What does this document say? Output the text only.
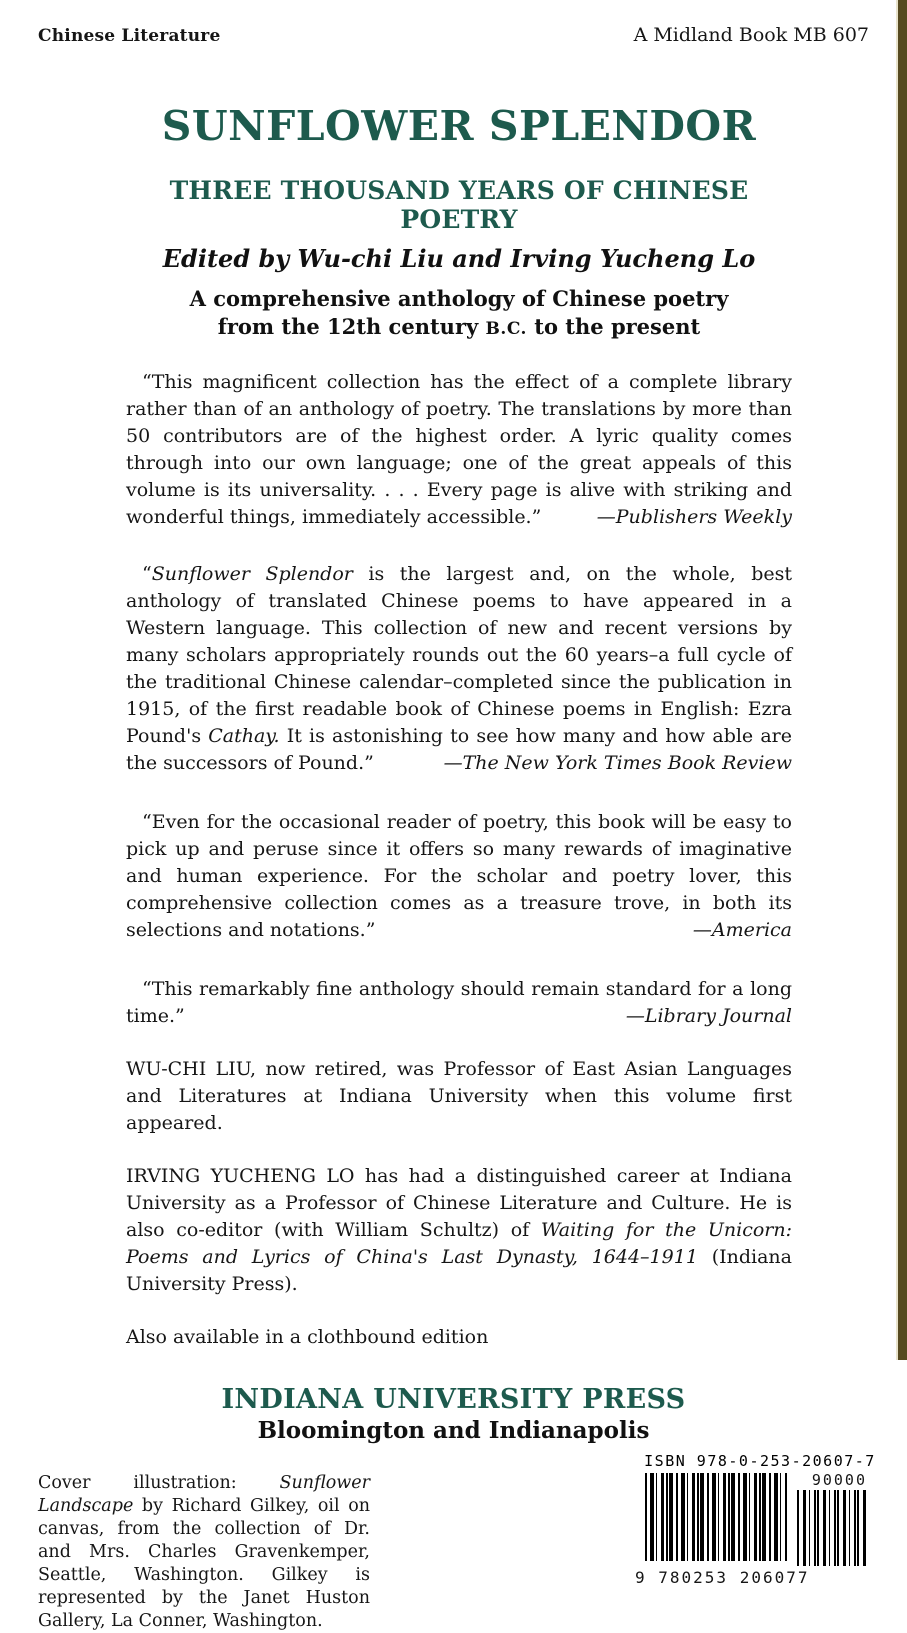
Chinese Literature	A Midland Book MB 607
SUNFLOWER SPLENDOR
THREE THOUSAND YEARS OF CHINESE POETRY
Edited by Wu-chi Liu and Irving Yucheng Lo
A comprehensive anthology of Chinese poetry
from the 12th century B.C. to the present

“This magnificent collection has the effect of a complete library rather than of an anthology of poetry. The translations by more than 50 contributors are of the highest order. A lyric quality comes through into our own language; one of the great appeals of this volume is its universality. . . . Every page is alive with striking and wonderful things, immediately accessible.”	—Publishers Weekly

“Sunflower Splendor is the largest and, on the whole, best anthology of translated Chinese poems to have appeared in a Western language. This collection of new and recent versions by many scholars appropriately rounds out the 60 years–a full cycle of the traditional Chinese calendar–completed since the publication in 1915, of the first readable book of Chinese poems in English: Ezra Pound's Cathay. It is astonishing to see how many and how able are the successors of Pound.”	—The New York Times Book Review

“Even for the occasional reader of poetry, this book will be easy to pick up and peruse since it offers so many rewards of imaginative and human experience. For the scholar and poetry lover, this comprehensive collection comes as a treasure trove, in both its selections and notations.”	—America

“This remarkably fine anthology should remain standard for a long time.”	—Library Journal

WU-CHI LIU, now retired, was Professor of East Asian Languages and Literatures at Indiana University when this volume first appeared.

IRVING YUCHENG LO has had a distinguished career at Indiana University as a Professor of Chinese Literature and Culture. He is also co-editor (with William Schultz) of Waiting for the Unicorn: Poems and Lyrics of China's Last Dynasty, 1644–1911 (Indiana University Press).

Also available in a clothbound edition
INDIANA UNIVERSITY PRESS
Bloomington and Indianapolis

Cover illustration: Sunflower Landscape by Richard Gilkey, oil on canvas, from the collection of Dr. and Mrs. Charles Gravenkemper, Seattle, Washington. Gilkey is represented by the Janet Huston Gallery, La Conner, Washington.

ISBN 978-0-253-20607-7
90000
9 780253 206077
